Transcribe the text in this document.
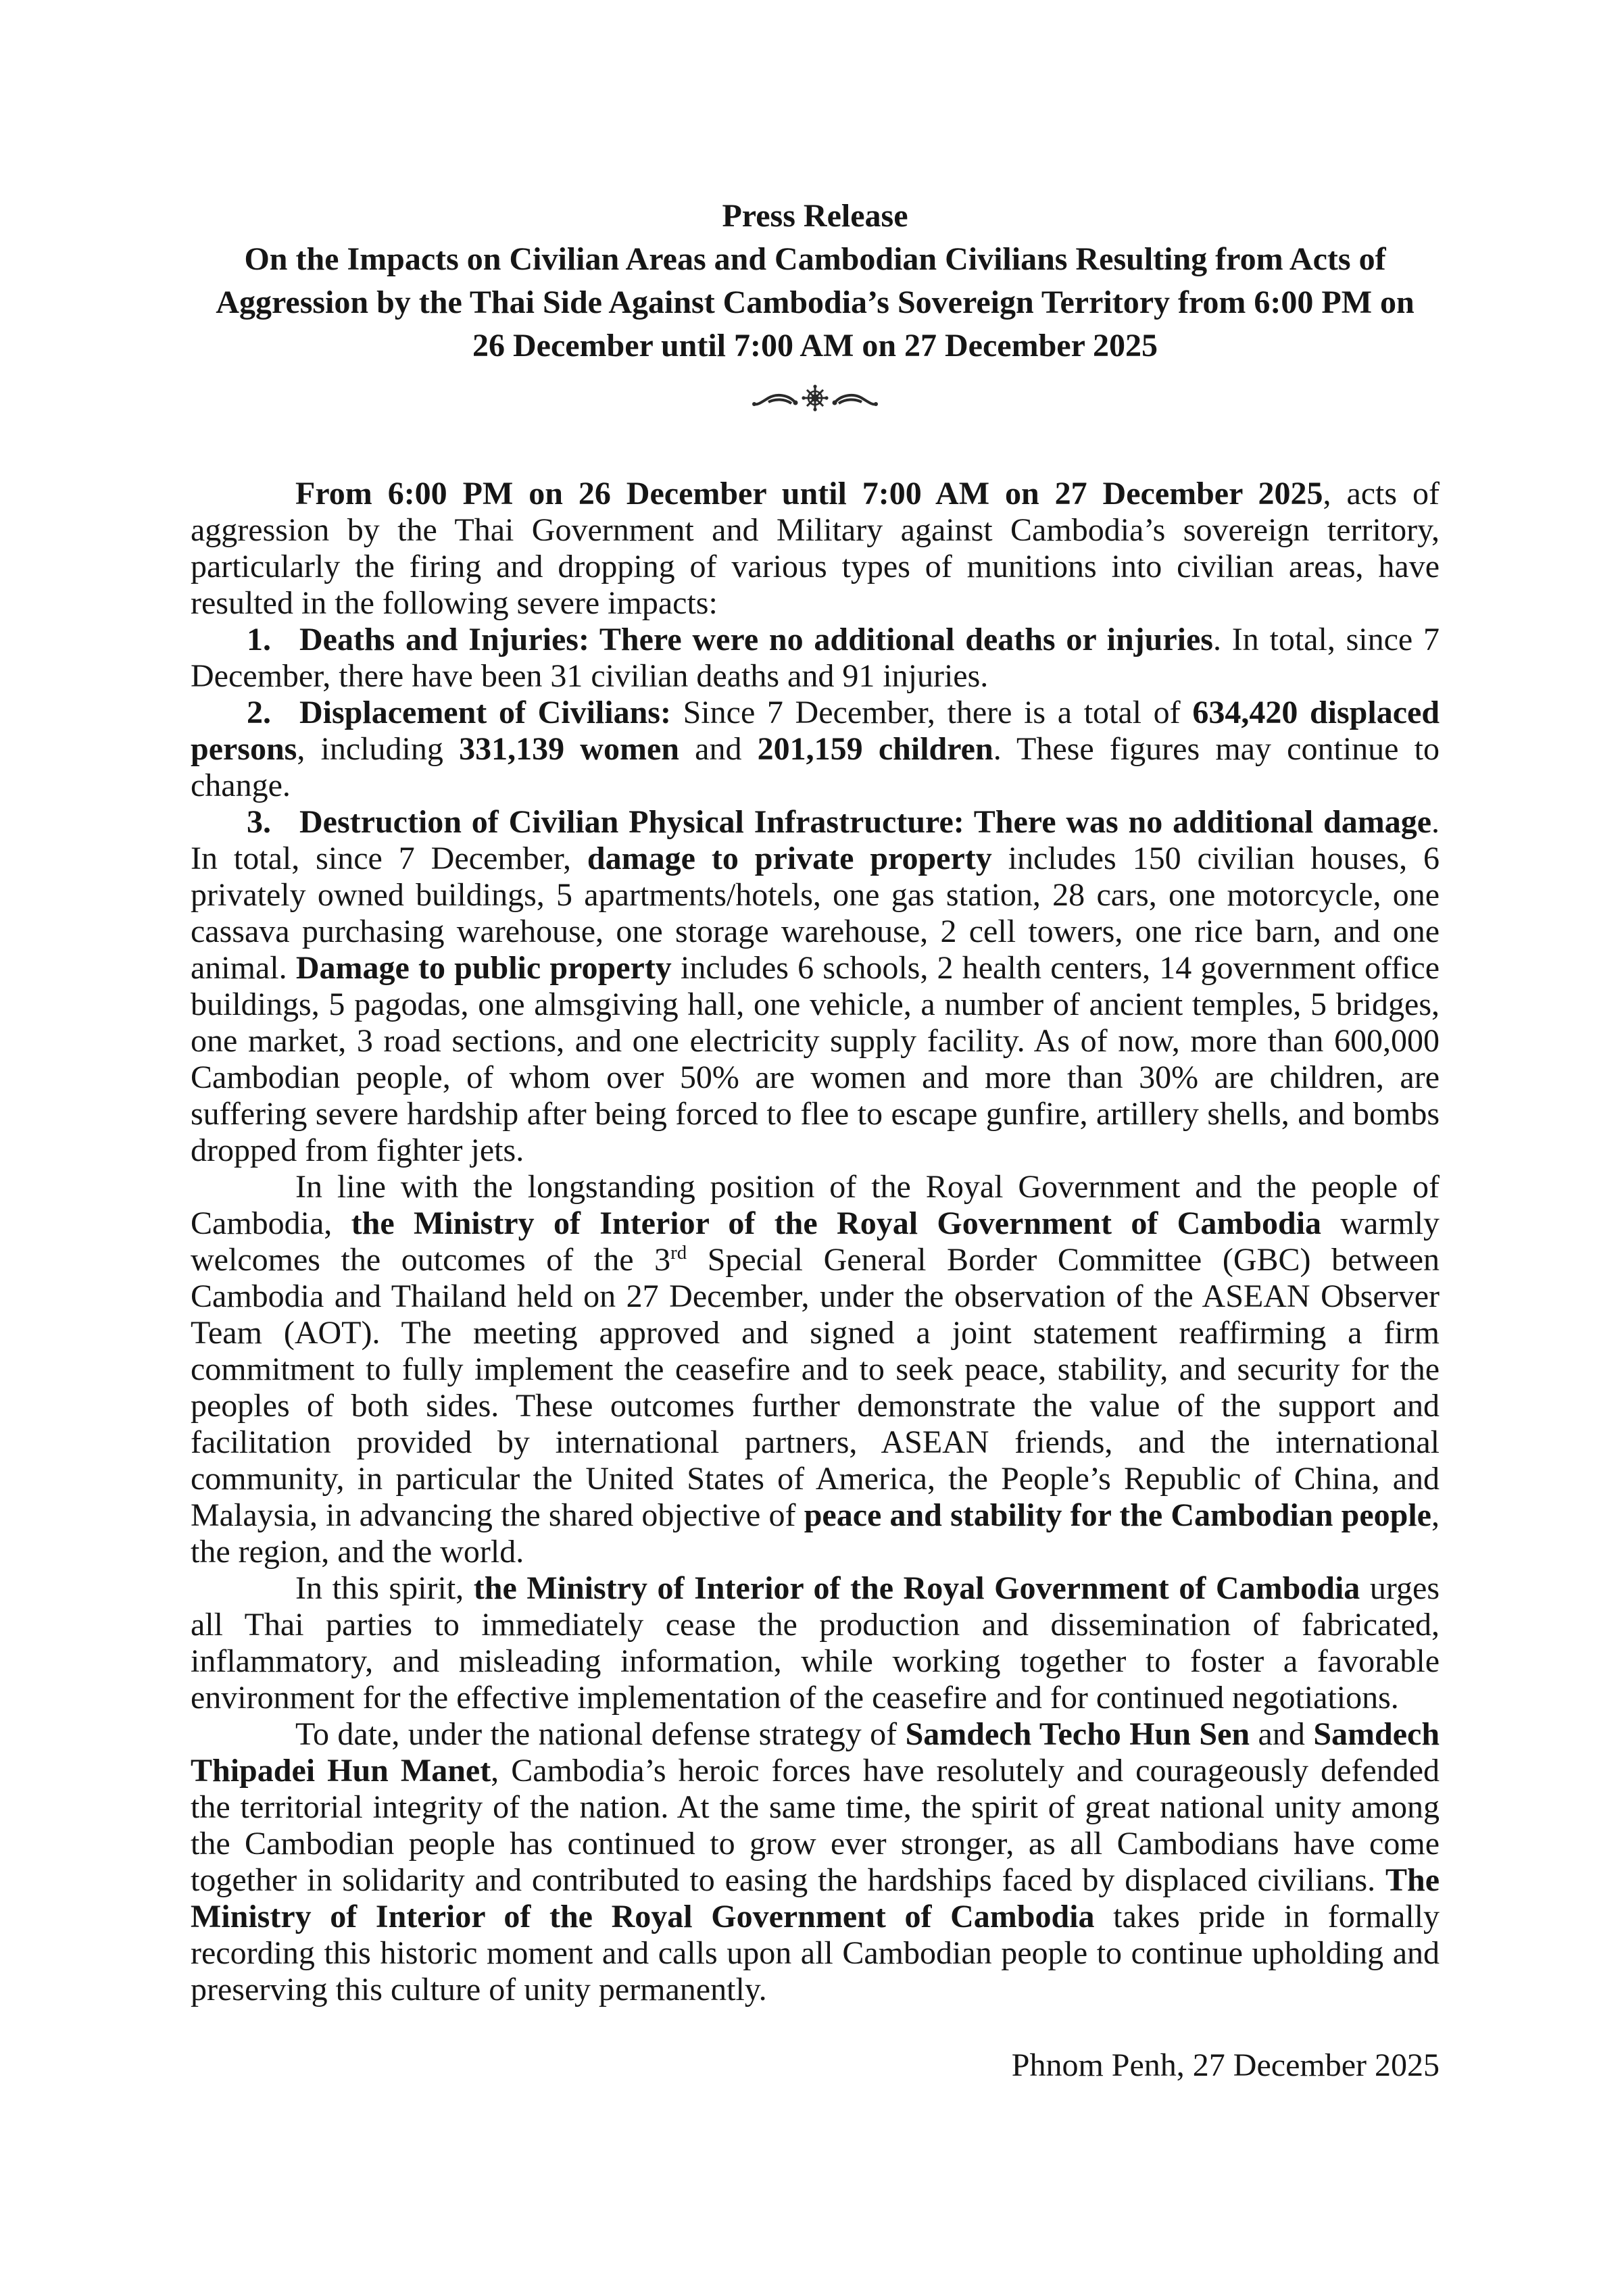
Press Release
On the Impacts on Civilian Areas and Cambodian Civilians Resulting from Acts of
Aggression by the Thai Side Against Cambodia’s Sovereign Territory from 6:00 PM on
26 December until 7:00 AM on 27 December 2025

From 6:00 PM on 26 December until 7:00 AM on 27 December 2025, acts of aggression by the Thai Government and Military against Cambodia’s sovereign territory, particularly the firing and dropping of various types of munitions into civilian areas, have resulted in the following severe impacts:

1. Deaths and Injuries: There were no additional deaths or injuries. In total, since 7 December, there have been 31 civilian deaths and 91 injuries.

2. Displacement of Civilians: Since 7 December, there is a total of 634,420 displaced persons, including 331,139 women and 201,159 children. These figures may continue to change.

3. Destruction of Civilian Physical Infrastructure: There was no additional damage. In total, since 7 December, damage to private property includes 150 civilian houses, 6 privately owned buildings, 5 apartments/hotels, one gas station, 28 cars, one motorcycle, one cassava purchasing warehouse, one storage warehouse, 2 cell towers, one rice barn, and one animal. Damage to public property includes 6 schools, 2 health centers, 14 government office buildings, 5 pagodas, one almsgiving hall, one vehicle, a number of ancient temples, 5 bridges, one market, 3 road sections, and one electricity supply facility. As of now, more than 600,000 Cambodian people, of whom over 50% are women and more than 30% are children, are suffering severe hardship after being forced to flee to escape gunfire, artillery shells, and bombs dropped from fighter jets.

In line with the longstanding position of the Royal Government and the people of Cambodia, the Ministry of Interior of the Royal Government of Cambodia warmly welcomes the outcomes of the 3rd Special General Border Committee (GBC) between Cambodia and Thailand held on 27 December, under the observation of the ASEAN Observer Team (AOT). The meeting approved and signed a joint statement reaffirming a firm commitment to fully implement the ceasefire and to seek peace, stability, and security for the peoples of both sides. These outcomes further demonstrate the value of the support and facilitation provided by international partners, ASEAN friends, and the international community, in particular the United States of America, the People’s Republic of China, and Malaysia, in advancing the shared objective of peace and stability for the Cambodian people, the region, and the world.

In this spirit, the Ministry of Interior of the Royal Government of Cambodia urges all Thai parties to immediately cease the production and dissemination of fabricated, inflammatory, and misleading information, while working together to foster a favorable environment for the effective implementation of the ceasefire and for continued negotiations.

To date, under the national defense strategy of Samdech Techo Hun Sen and Samdech Thipadei Hun Manet, Cambodia’s heroic forces have resolutely and courageously defended the territorial integrity of the nation. At the same time, the spirit of great national unity among the Cambodian people has continued to grow ever stronger, as all Cambodians have come together in solidarity and contributed to easing the hardships faced by displaced civilians. The Ministry of Interior of the Royal Government of Cambodia takes pride in formally recording this historic moment and calls upon all Cambodian people to continue upholding and preserving this culture of unity permanently.

Phnom Penh, 27 December 2025
